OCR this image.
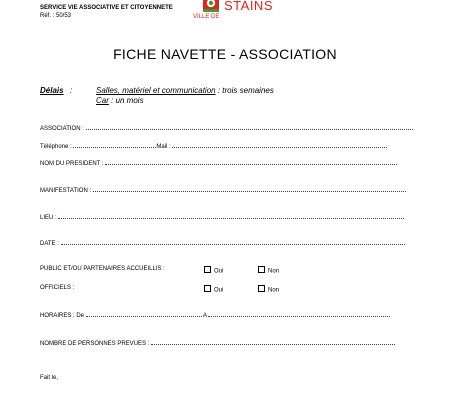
SERVICE VIE ASSOCIATIVE ET CITOYENNETE
Réf. : 50/53
STAINS
VILLE DE
FICHE NAVETTE - ASSOCIATION
Délais :	Salles, matériel et communication : trois semaines
Car : un mois
ASSOCIATION :
Téléphone :	Mail :
NOM DU PRESIDENT :
MANIFESTATION :
LIEU :
DATE :
PUBLIC ET/OU PARTENAIRES ACCUEILLIS :	Oui	Non
OFFICIELS :	Oui	Non
HORAIRES : De	A
NOMBRE DE PERSONNES PREVUES :
Fait le,
